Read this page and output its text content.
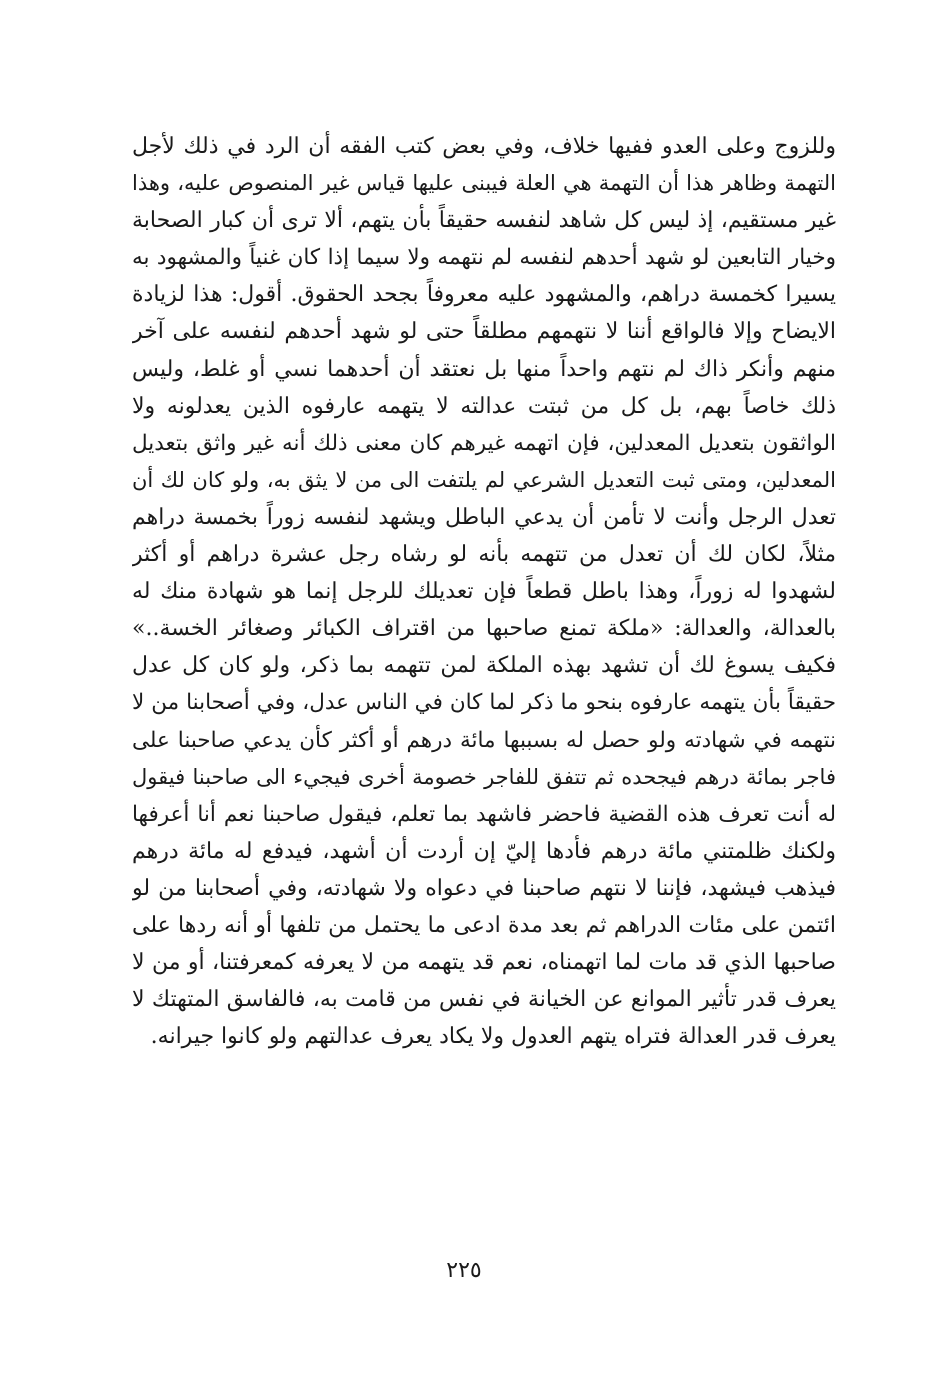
وللزوج وعلى العدو ففيها خلاف، وفي بعض كتب الفقه أن الرد في ذلك لأجل
التهمة وظاهر هذا أن التهمة هي العلة فيبنى عليها قياس غير المنصوص عليه، وهذا
غير مستقيم، إذ ليس كل شاهد لنفسه حقيقاً بأن يتهم، ألا ترى أن كبار الصحابة
وخيار التابعين لو شهد أحدهم لنفسه لم نتهمه ولا سيما إذا كان غنياً والمشهود به
يسيرا كخمسة دراهم، والمشهود عليه معروفاً بجحد الحقوق. أقول: هذا لزيادة
الايضاح وإلا فالواقع أننا لا نتهمهم مطلقاً حتى لو شهد أحدهم لنفسه على آخر
منهم وأنكر ذاك لم نتهم واحداً منها بل نعتقد أن أحدهما نسي أو غلط، وليس
ذلك خاصاً بهم، بل كل من ثبتت عدالته لا يتهمه عارفوه الذين يعدلونه ولا
الواثقون بتعديل المعدلين، فإن اتهمه غيرهم كان معنى ذلك أنه غير واثق بتعديل
المعدلين، ومتى ثبت التعديل الشرعي لم يلتفت الى من لا يثق به، ولو كان لك أن
تعدل الرجل وأنت لا تأمن أن يدعي الباطل ويشهد لنفسه زوراً بخمسة دراهم
مثلاً، لكان لك أن تعدل من تتهمه بأنه لو رشاه رجل عشرة دراهم أو أكثر
لشهدوا له زوراً، وهذا باطل قطعاً فإن تعديلك للرجل إنما هو شهادة منك له
بالعدالة، والعدالة: «ملكة تمنع صاحبها من اقتراف الكبائر وصغائر الخسة..»
فكيف يسوغ لك أن تشهد بهذه الملكة لمن تتهمه بما ذكر، ولو كان كل عدل
حقيقاً بأن يتهمه عارفوه بنحو ما ذكر لما كان في الناس عدل، وفي أصحابنا من لا
نتهمه في شهادته ولو حصل له بسببها مائة درهم أو أكثر كأن يدعي صاحبنا على
فاجر بمائة درهم فيجحده ثم تتفق للفاجر خصومة أخرى فيجيء الى صاحبنا فيقول
له أنت تعرف هذه القضية فاحضر فاشهد بما تعلم، فيقول صاحبنا نعم أنا أعرفها
ولكنك ظلمتني مائة درهم فأدها إليّ إن أردت أن أشهد، فيدفع له مائة درهم
فيذهب فيشهد، فإننا لا نتهم صاحبنا في دعواه ولا شهادته، وفي أصحابنا من لو
ائتمن على مئات الدراهم ثم بعد مدة ادعى ما يحتمل من تلفها أو أنه ردها على
صاحبها الذي قد مات لما اتهمناه، نعم قد يتهمه من لا يعرفه كمعرفتنا، أو من لا
يعرف قدر تأثير الموانع عن الخيانة في نفس من قامت به، فالفاسق المتهتك لا
يعرف قدر العدالة فتراه يتهم العدول ولا يكاد يعرف عدالتهم ولو كانوا جيرانه.
٢٢٥
